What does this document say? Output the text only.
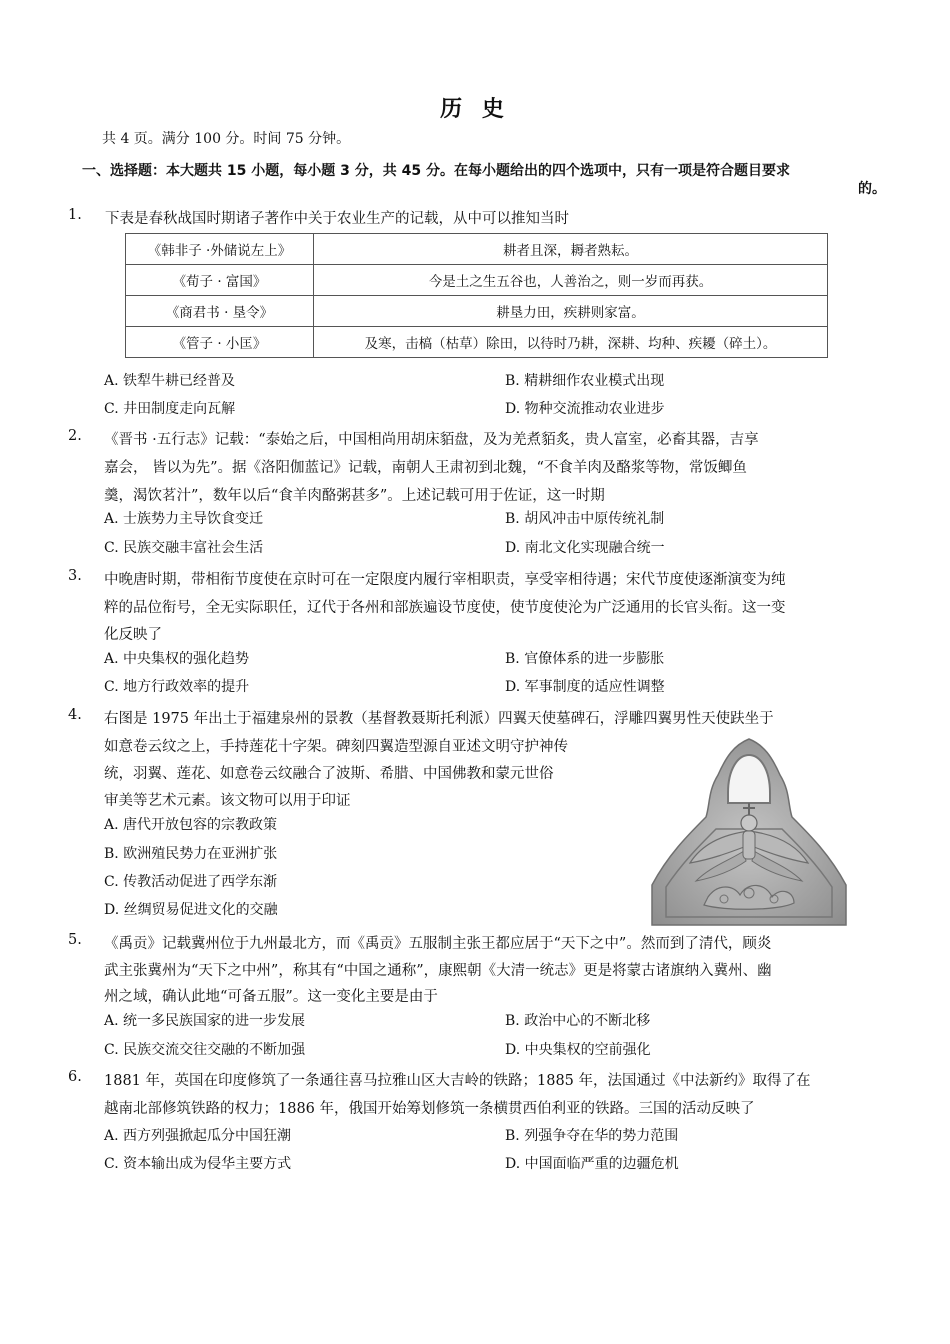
历 史
共 4 页。满分 100 分。时间 75 分钟。
一、选择题：本大题共 15 小题，每小题 3 分，共 45 分。在每小题给出的四个选项中，只有一项是符合题目要求
的。
1. 下表是春秋战国时期诸子著作中关于农业生产的记载，从中可以推知当时
《韩非子 ·外储说左上》	耕者且深，耨者熟耘。
《荀子 · 富国》	今是土之生五谷也，人善治之，则一岁而再获。
《商君书 · 垦令》	耕垦力田，疾耕则家富。
《管子 · 小匡》	及寒，击槁（枯草）除田，以待时乃耕，深耕、均种、疾耰（碎土）。
A. 铁犁牛耕已经普及	B. 精耕细作农业模式出现
C. 井田制度走向瓦解	D. 物种交流推动农业进步
2. 《晋书 ·五行志》记载：“泰始之后，中国相尚用胡床貊盘，及为羌煮貊炙，贵人富室，必畜其器，吉享
嘉会， 皆以为先”。据《洛阳伽蓝记》记载，南朝人王肃初到北魏，“不食羊肉及酪浆等物，常饭鲫鱼
羹，渴饮茗汁”，数年以后“食羊肉酪粥甚多”。上述记载可用于佐证，这一时期
A. 士族势力主导饮食变迁	B. 胡风冲击中原传统礼制
C. 民族交融丰富社会生活	D. 南北文化实现融合统一
3. 中晚唐时期，带相衔节度使在京时可在一定限度内履行宰相职责，享受宰相待遇；宋代节度使逐渐演变为纯
粹的品位衔号，全无实际职任，辽代于各州和部族遍设节度使，使节度使沦为广泛通用的长官头衔。这一变
化反映了
A. 中央集权的强化趋势	B. 官僚体系的进一步膨胀
C. 地方行政效率的提升	D. 军事制度的适应性调整
4. 右图是 1975 年出土于福建泉州的景教（基督教聂斯托利派）四翼天使墓碑石，浮雕四翼男性天使趺坐于
如意卷云纹之上，手持莲花十字架。碑刻四翼造型源自亚述文明守护神传
统，羽翼、莲花、如意卷云纹融合了波斯、希腊、中国佛教和蒙元世俗
审美等艺术元素。该文物可以用于印证
A. 唐代开放包容的宗教政策
B. 欧洲殖民势力在亚洲扩张
C. 传教活动促进了西学东渐
D. 丝绸贸易促进文化的交融
5. 《禹贡》记载冀州位于九州最北方，而《禹贡》五服制主张王都应居于“天下之中”。然而到了清代，顾炎
武主张冀州为“天下之中州”，称其有“中国之通称”，康熙朝《大清一统志》更是将蒙古诸旗纳入冀州、幽
州之域，确认此地“可备五服”。这一变化主要是由于
A. 统一多民族国家的进一步发展	B. 政治中心的不断北移
C. 民族交流交往交融的不断加强	D. 中央集权的空前强化
6. 1881 年，英国在印度修筑了一条通往喜马拉雅山区大吉岭的铁路；1885 年，法国通过《中法新约》取得了在
越南北部修筑铁路的权力；1886 年，俄国开始筹划修筑一条横贯西伯利亚的铁路。三国的活动反映了
A. 西方列强掀起瓜分中国狂潮	B. 列强争夺在华的势力范围
C. 资本输出成为侵华主要方式	D. 中国面临严重的边疆危机
